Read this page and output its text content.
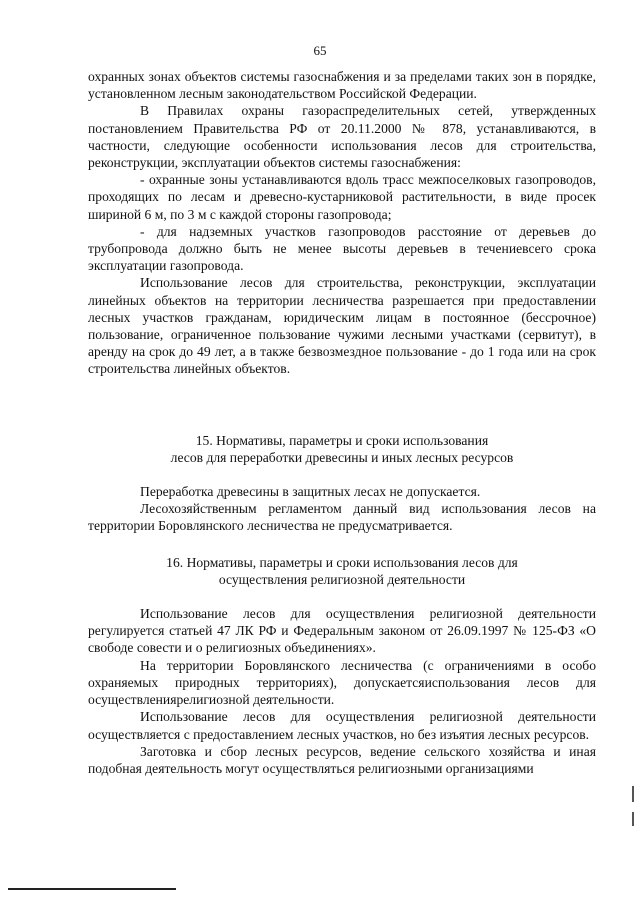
65

охранных зонах объектов системы газоснабжения и за пределами таких зон в порядке, установленном лесным законодательством Российской Федерации.

В Правилах охраны газораспределительных сетей, утвержденных постановлением Правительства РФ от 20.11.2000 № 878, устанавливаются, в частности, следующие особенности использования лесов для строительства, реконструкции, эксплуатации объектов системы газоснабжения:

- охранные зоны устанавливаются вдоль трасс межпоселковых газопроводов, проходящих по лесам и древесно-кустарниковой растительности, в виде просек шириной 6 м, по 3 м с каждой стороны газопровода;

- для надземных участков газопроводов расстояние от деревьев до трубопровода должно быть не менее высоты деревьев в течениевсего срока эксплуатации газопровода.

Использование лесов для строительства, реконструкции, эксплуатации линейных объектов на территории лесничества разрешается при предоставлении лесных участков гражданам, юридическим лицам в постоянное (бессрочное) пользование, ограниченное пользование чужими лесными участками (сервитут), в аренду на срок до 49 лет, а в также безвозмездное пользование - до 1 года или на срок строительства линейных объектов.

15. Нормативы, параметры и сроки использования
лесов для переработки древесины и иных лесных ресурсов

Переработка древесины в защитных лесах не допускается.

Лесохозяйственным регламентом данный вид использования лесов на территории Боровлянского лесничества не предусматривается.

16. Нормативы, параметры и сроки использования лесов для
осуществления религиозной деятельности

Использование лесов для осуществления религиозной деятельности регулируется статьей 47 ЛК РФ и Федеральным законом от 26.09.1997 № 125-ФЗ «О свободе совести и о религиозных объединениях».

На территории Боровлянского лесничества (с ограничениями в особо охраняемых природных территориях), допускаетсяиспользования лесов для осуществлениярелигиозной деятельности.

Использование лесов для осуществления религиозной деятельности осуществляется с предоставлением лесных участков, но без изъятия лесных ресурсов.

Заготовка и сбор лесных ресурсов, ведение сельского хозяйства и иная подобная деятельность могут осуществляться религиозными организациями
